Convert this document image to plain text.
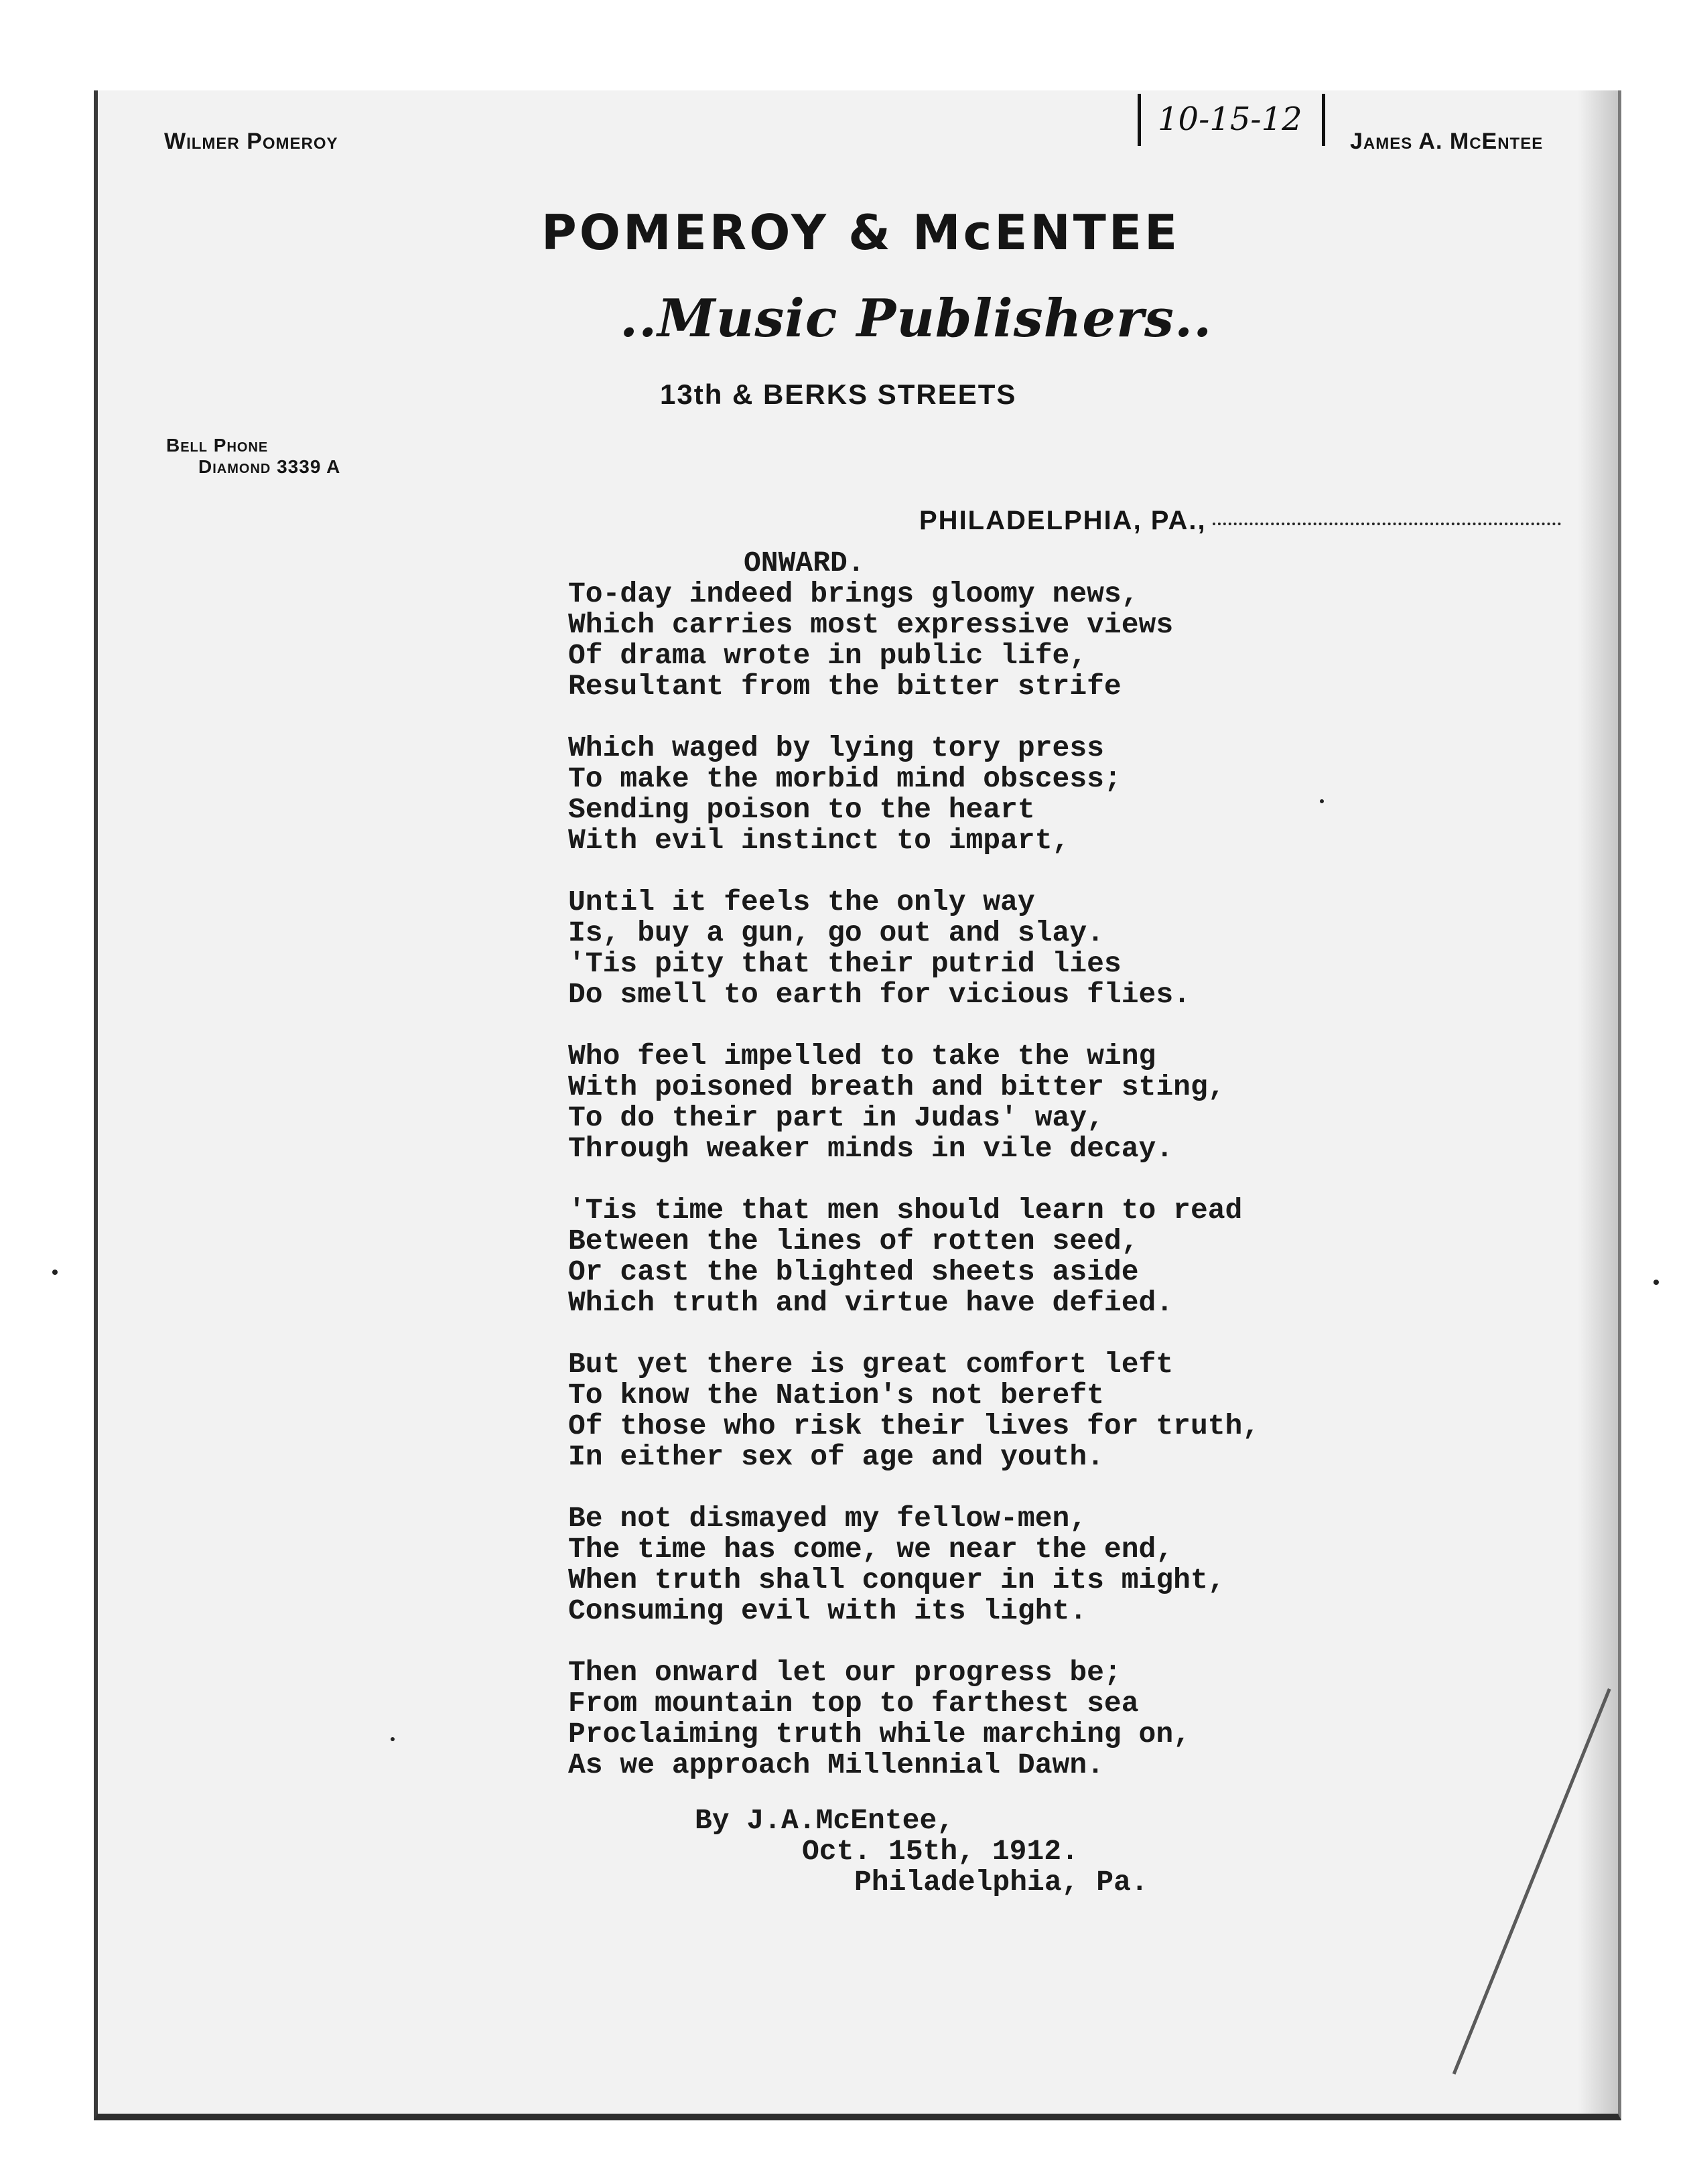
Wilmer Pomeroy	James A. McEntee
10-15-12
POMEROY & McENTEE
..Music Publishers..
13th & BERKS STREETS
Bell Phone
Diamond 3339 A
PHILADELPHIA, PA.,
ONWARD.
To-day indeed brings gloomy news,
Which carries most expressive views
Of drama wrote in public life,
Resultant from the bitter strife
Which waged by lying tory press
To make the morbid mind obscess;
Sending poison to the heart
With evil instinct to impart,
Until it feels the only way
Is, buy a gun, go out and slay.
'Tis pity that their putrid lies
Do smell to earth for vicious flies.
Who feel impelled to take the wing
With poisoned breath and bitter sting,
To do their part in Judas' way,
Through weaker minds in vile decay.
'Tis time that men should learn to read
Between the lines of rotten seed,
Or cast the blighted sheets aside
Which truth and virtue have defied.
But yet there is great comfort left
To know the Nation's not bereft
Of those who risk their lives for truth,
In either sex of age and youth.
Be not dismayed my fellow-men,
The time has come, we near the end,
When truth shall conquer in its might,
Consuming evil with its light.
Then onward let our progress be;
From mountain top to farthest sea
Proclaiming truth while marching on,
As we approach Millennial Dawn.
By J.A.McEntee,
Oct. 15th, 1912.
Philadelphia, Pa.
